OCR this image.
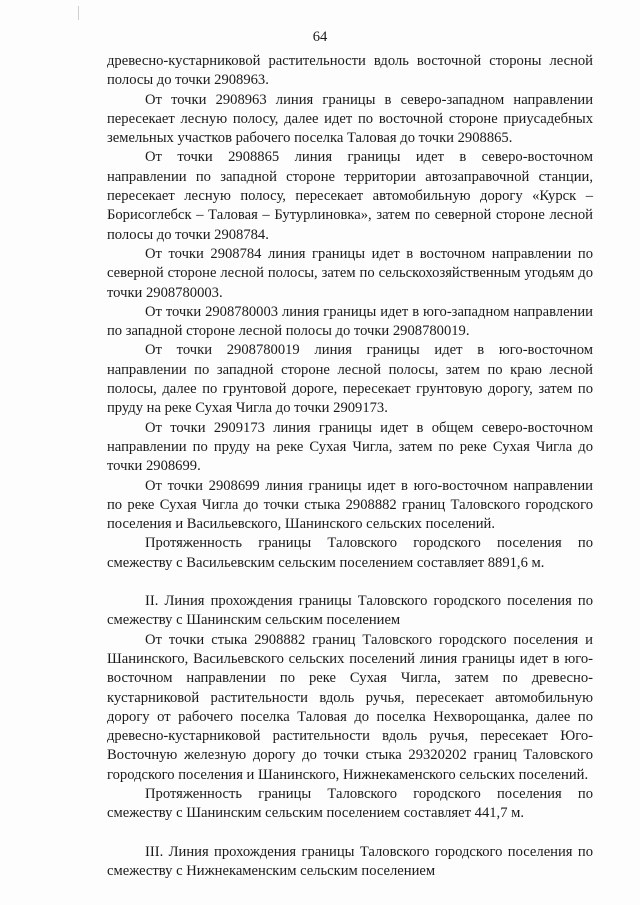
64

древесно-кустарниковой растительности вдоль восточной стороны лесной полосы до точки 2908963.

От точки 2908963 линия границы в северо-западном направлении пересекает лесную полосу, далее идет по восточной стороне приусадебных земельных участков рабочего поселка Таловая до точки 2908865.

От точки 2908865 линия границы идет в северо-восточном направлении по западной стороне территории автозаправочной станции, пересекает лесную полосу, пересекает автомобильную дорогу «Курск – Борисоглебск – Таловая – Бутурлиновка», затем по северной стороне лесной полосы до точки 2908784.

От точки 2908784 линия границы идет в восточном направлении по северной стороне лесной полосы, затем по сельскохозяйственным угодьям до точки 2908780003.

От точки 2908780003 линия границы идет в юго-западном направлении по западной стороне лесной полосы до точки 2908780019.

От точки 2908780019 линия границы идет в юго-восточном направлении по западной стороне лесной полосы, затем по краю лесной полосы, далее по грунтовой дороге, пересекает грунтовую дорогу, затем по пруду на реке Сухая Чигла до точки 2909173.

От точки 2909173 линия границы идет в общем северо-восточном направлении по пруду на реке Сухая Чигла, затем по реке Сухая Чигла до точки 2908699.

От точки 2908699 линия границы идет в юго-восточном направлении по реке Сухая Чигла до точки стыка 2908882 границ Таловского городского поселения и Васильевского, Шанинского сельских поселений.

Протяженность границы Таловского городского поселения по смежеству с Васильевским сельским поселением составляет 8891,6 м.

II. Линия прохождения границы Таловского городского поселения по смежеству с Шанинским сельским поселением

От точки стыка 2908882 границ Таловского городского поселения и Шанинского, Васильевского сельских поселений линия границы идет в юго-восточном направлении по реке Сухая Чигла, затем по древесно-кустарниковой растительности вдоль ручья, пересекает автомобильную дорогу от рабочего поселка Таловая до поселка Нехворощанка, далее по древесно-кустарниковой растительности вдоль ручья, пересекает Юго-Восточную железную дорогу до точки стыка 29320202 границ Таловского городского поселения и Шанинского, Нижнекаменского сельских поселений.

Протяженность границы Таловского городского поселения по смежеству с Шанинским сельским поселением составляет 441,7 м.

III. Линия прохождения границы Таловского городского поселения по смежеству с Нижнекаменским сельским поселением
